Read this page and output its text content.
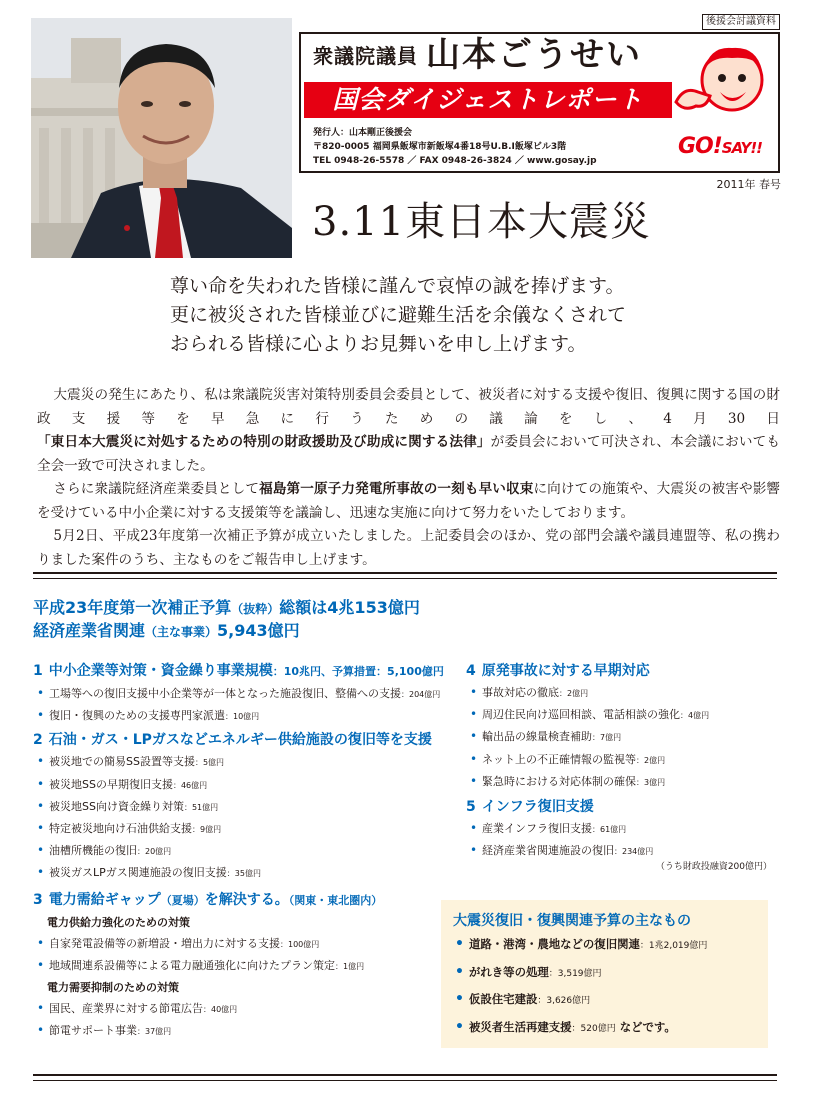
後援会討議資料
衆議院議員 山本ごうせい
国会ダイジェストレポート
発行人：山本剛正後援会
〒820-0005 福岡県飯塚市新飯塚4番18号U.B.I飯塚ビル3階
TEL 0948-26-5578 ／ FAX 0948-26-3824 ／ www.gosay.jp
GO!SAY!!
2011年 春号
3.11東日本大震災
尊い命を失われた皆様に謹んで哀悼の誠を捧げます。
更に被災された皆様並びに避難生活を余儀なくされて
おられる皆様に心よりお見舞いを申し上げます。

大震災の発生にあたり、私は衆議院災害対策特別委員会委員として、被災者に対する支援や復旧、復興に関する国の財政支援等を早急に行うための議論をし、4月30日「東日本大震災に対処するための特別の財政援助及び助成に関する法律」が委員会において可決され、本会議においても全会一致で可決されました。

さらに衆議院経済産業委員として福島第一原子力発電所事故の一刻も早い収束に向けての施策や、大震災の被害や影響を受けている中小企業に対する支援策等を議論し、迅速な実施に向けて努力をいたしております。

5月2日、平成23年度第一次補正予算が成立いたしました。上記委員会のほか、党の部門会議や議員連盟等、私の携わりました案件のうち、主なものをご報告申し上げます。

平成23年度第一次補正予算（抜粋）総額は4兆153億円
経済産業省関連（主な事業）5,943億円
1 中小企業等対策・資金繰り事業規模：10兆円、予算措置：5,100億円
• 工場等への復旧支援中小企業等が一体となった施設復旧、整備への支援：204億円
• 復旧・復興のための支援専門家派遣：10億円
2 石油・ガス・LPガスなどエネルギー供給施設の復旧等を支援
• 被災地での簡易SS設置等支援：5億円
• 被災地SSの早期復旧支援：46億円
• 被災地SS向け資金繰り対策：51億円
• 特定被災地向け石油供給支援：9億円
• 油槽所機能の復旧：20億円
• 被災ガスLPガス関連施設の復旧支援：35億円
3 電力需給ギャップ（夏場）を解決する。（関東・東北圏内）
電力供給力強化のための対策
• 自家発電設備等の新増設・増出力に対する支援：100億円
• 地域間連系設備等による電力融通強化に向けたプラン策定：1億円
電力需要抑制のための対策
• 国民、産業界に対する節電広告：40億円
• 節電サポート事業：37億円
4 原発事故に対する早期対応
• 事故対応の徹底：2億円
• 周辺住民向け巡回相談、電話相談の強化：4億円
• 輸出品の線量検査補助：7億円
• ネット上の不正確情報の監視等：2億円
• 緊急時における対応体制の確保：3億円
5 インフラ復旧支援
• 産業インフラ復旧支援：61億円
• 経済産業省関連施設の復旧：234億円
（うち財政投融資200億円）
大震災復旧・復興関連予算の主なもの
• 道路・港湾・農地などの復旧関連：1兆2,019億円
• がれき等の処理：3,519億円
• 仮設住宅建設：3,626億円
• 被災者生活再建支援：520億円 などです。
